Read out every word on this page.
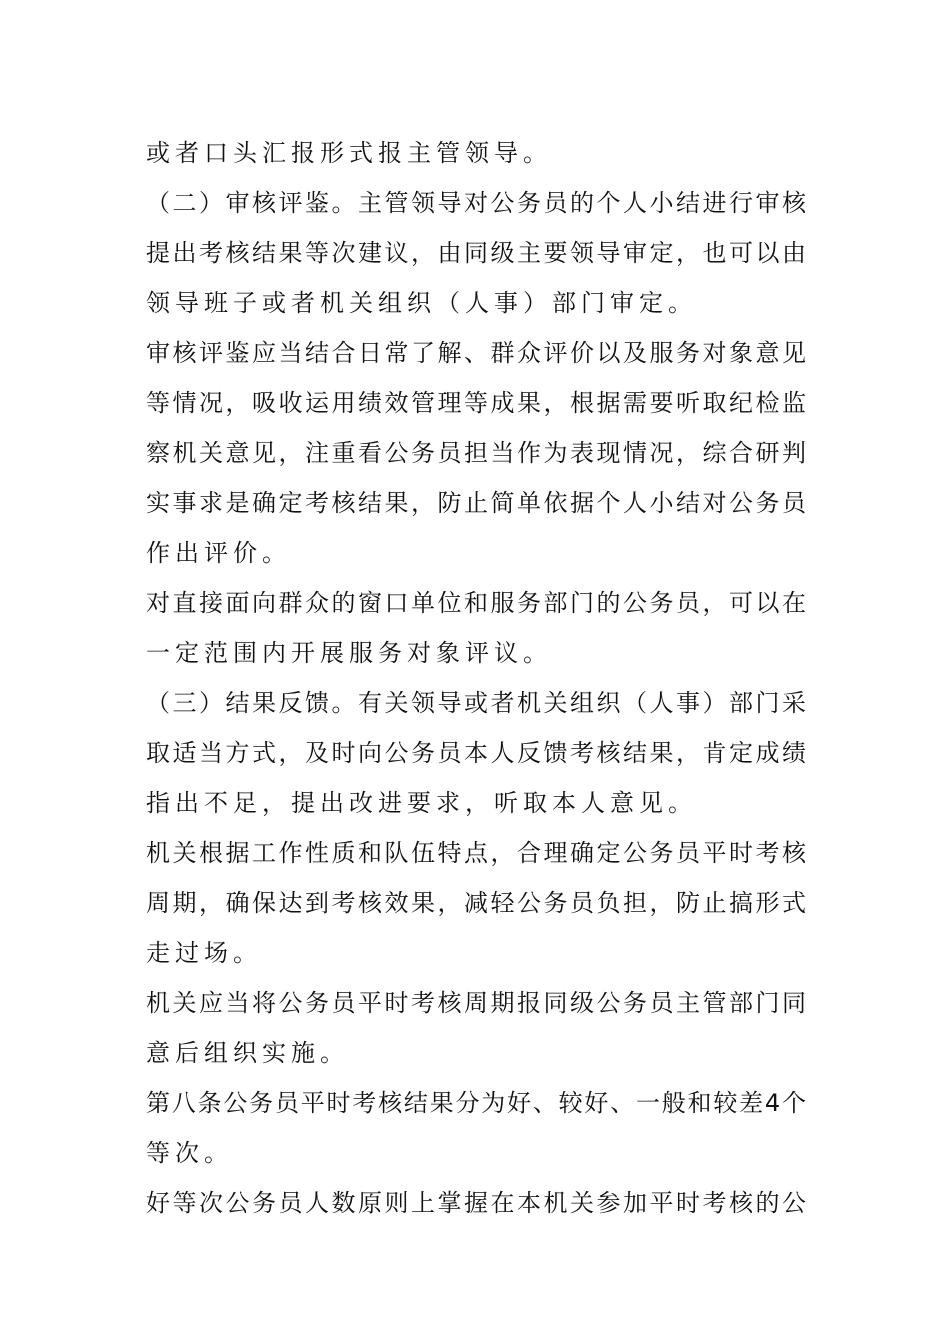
或者口头汇报形式报主管领导。
（二）审核评鉴。主管领导对公务员的个人小结进行审核
提出考核结果等次建议，由同级主要领导审定，也可以由
领导班子或者机关组织（人事）部门审定。
审核评鉴应当结合日常了解、群众评价以及服务对象意见
等情况，吸收运用绩效管理等成果，根据需要听取纪检监
察机关意见，注重看公务员担当作为表现情况，综合研判
实事求是确定考核结果，防止简单依据个人小结对公务员
作出评价。
对直接面向群众的窗口单位和服务部门的公务员，可以在
一定范围内开展服务对象评议。
（三）结果反馈。有关领导或者机关组织（人事）部门采
取适当方式，及时向公务员本人反馈考核结果，肯定成绩
指出不足，提出改进要求，听取本人意见。
机关根据工作性质和队伍特点，合理确定公务员平时考核
周期，确保达到考核效果，减轻公务员负担，防止搞形式
走过场。
机关应当将公务员平时考核周期报同级公务员主管部门同
意后组织实施。
第八条公务员平时考核结果分为好、较好、一般和较差4个
等次。
好等次公务员人数原则上掌握在本机关参加平时考核的公
